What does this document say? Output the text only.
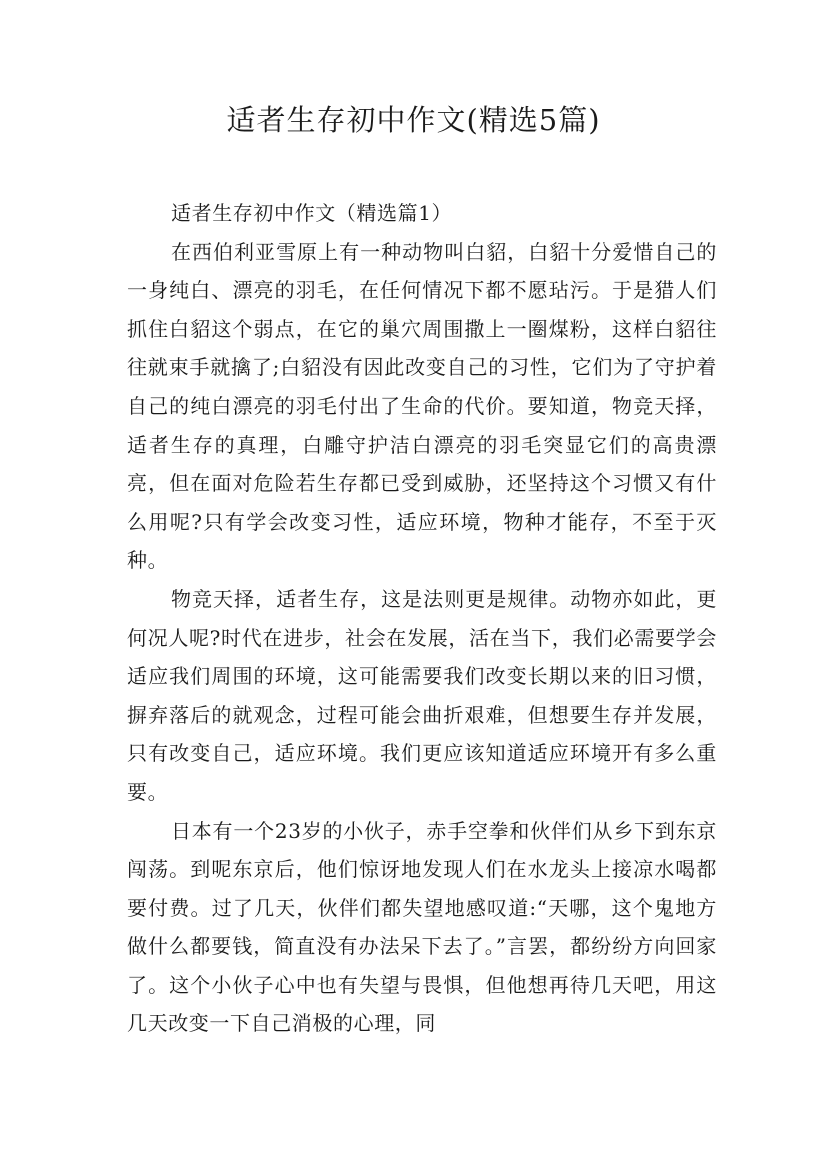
适者生存初中作文(精选5篇)

适者生存初中作文（精选篇1）

在西伯利亚雪原上有一种动物叫白貂，白貂十分爱惜自己的一身纯白、漂亮的羽毛，在任何情况下都不愿玷污。于是猎人们抓住白貂这个弱点，在它的巢穴周围撒上一圈煤粉，这样白貂往往就束手就擒了;白貂没有因此改变自己的习性，它们为了守护着自己的纯白漂亮的羽毛付出了生命的代价。要知道，物竞天择，适者生存的真理，白雕守护洁白漂亮的羽毛突显它们的高贵漂亮，但在面对危险若生存都已受到威胁，还坚持这个习惯又有什么用呢?只有学会改变习性，适应环境，物种才能存，不至于灭种。

物竞天择，适者生存，这是法则更是规律。动物亦如此，更何况人呢?时代在进步，社会在发展，活在当下，我们必需要学会适应我们周围的环境，这可能需要我们改变长期以来的旧习惯，摒弃落后的就观念，过程可能会曲折艰难，但想要生存并发展，只有改变自己，适应环境。我们更应该知道适应环境开有多么重要。

日本有一个23岁的小伙子，赤手空拳和伙伴们从乡下到东京闯荡。到呢东京后，他们惊讶地发现人们在水龙头上接凉水喝都要付费。过了几天，伙伴们都失望地感叹道:“天哪，这个鬼地方做什么都要钱，简直没有办法呆下去了。”言罢，都纷纷方向回家了。这个小伙子心中也有失望与畏惧，但他想再待几天吧，用这几天改变一下自己消极的心理，同
